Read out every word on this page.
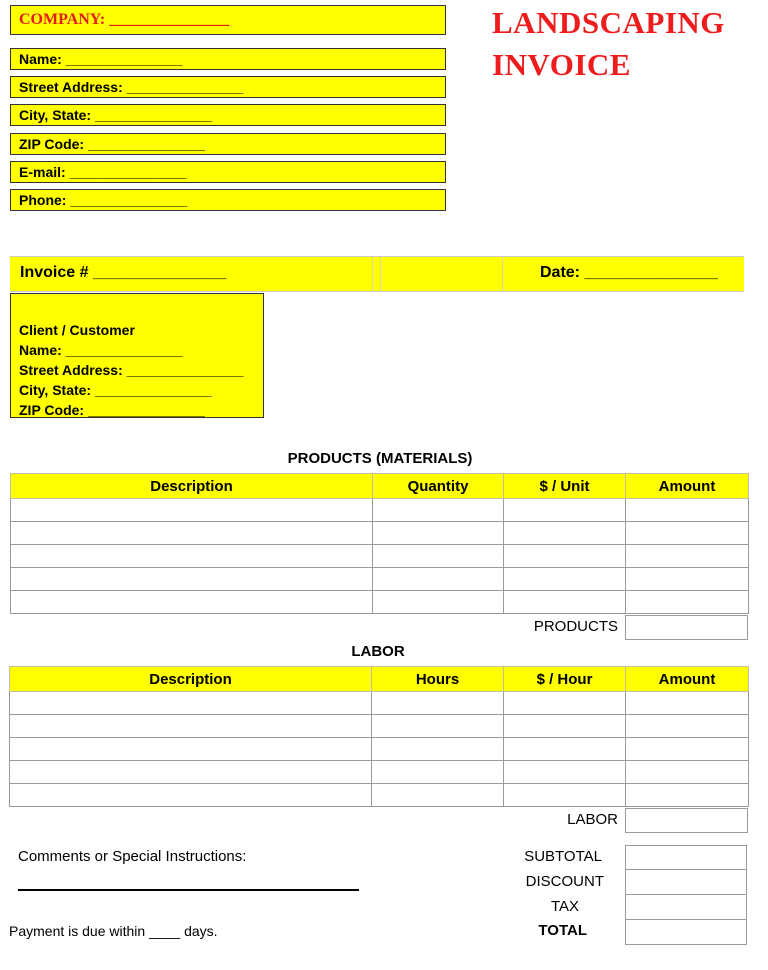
COMPANY: _______________	LANDSCAPING
INVOICE
Name: _______________
Street Address: _______________
City, State: _______________
ZIP Code: _______________
E-mail: _______________
Phone: _______________
Invoice # _______________	Date: _______________
Client / Customer
Name: _______________
Street Address: _______________
City, State: _______________
ZIP Code: _______________
PRODUCTS (MATERIALS)
Description	Quantity	$ / Unit	Amount

PRODUCTS
LABOR
Description	Hours	$ / Hour	Amount

LABOR
Comments or Special Instructions:
Payment is due within ____ days.
SUBTOTAL
DISCOUNT
TAX
TOTAL
